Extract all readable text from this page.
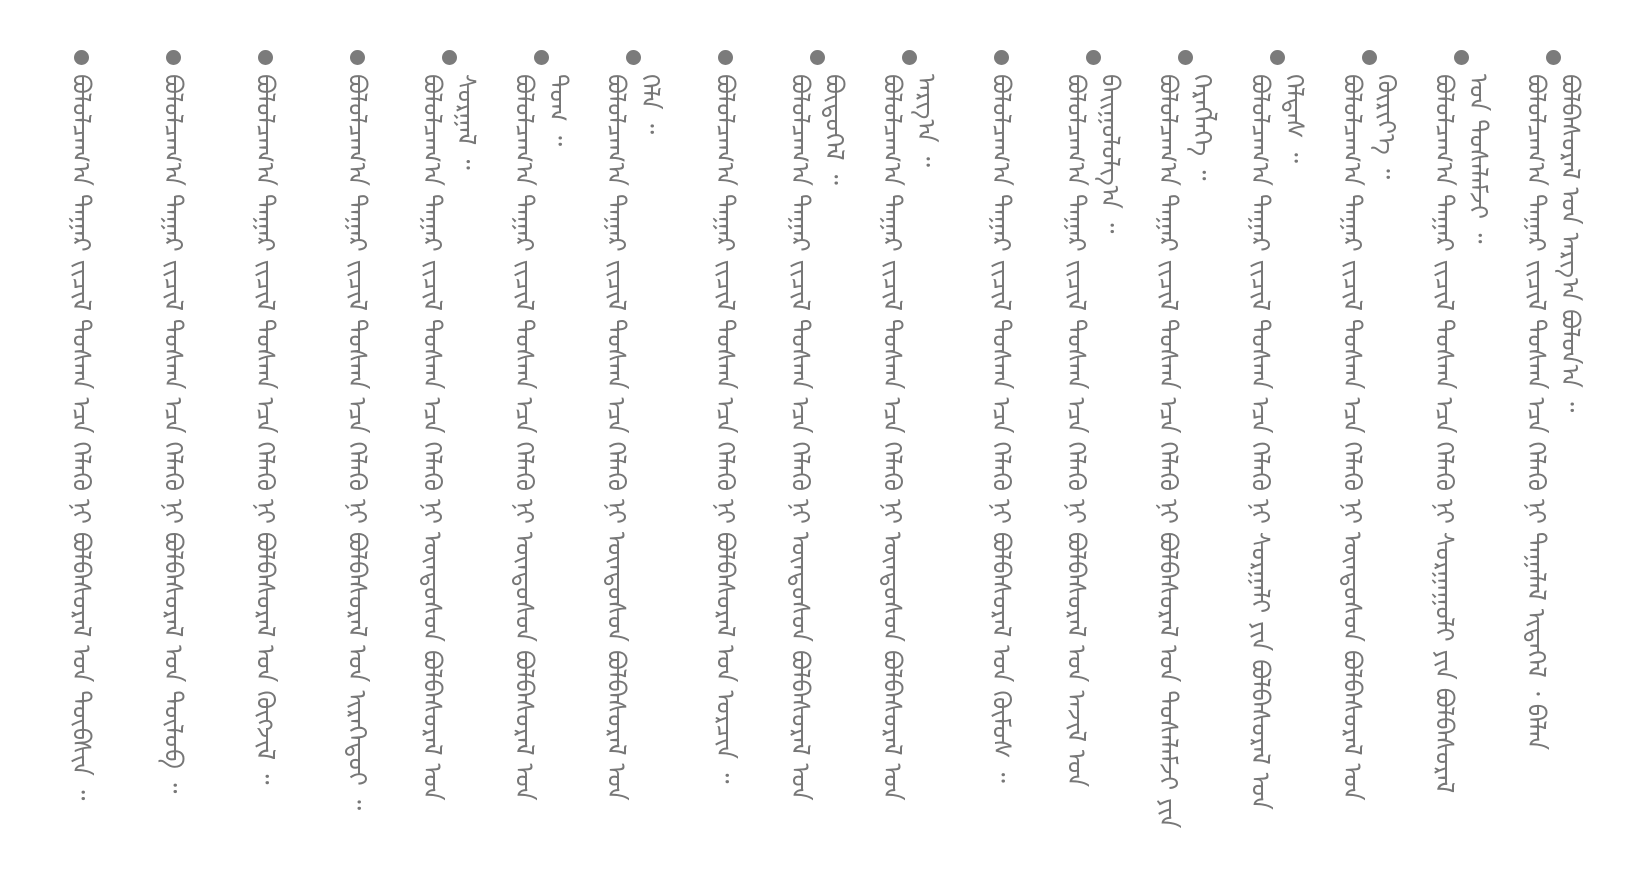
ᠪᠣᠯᠣᠯᠴᠠᠭ᠎ᠠ ᠳᠠᠭᠠᠷ ᠵᠢᠴᠢᠯ ᠲᠣᠰᠬᠠ ᠡᠴᠡ ᠬᠡᠯᠡᠬᠦ ᠨᠢ ᠲᠠᠭᠠᠯᠠᠯ ᠢᠲᠡᠭᠡᠯ ᠂ ᠪᠡᠯᠡᠨ ᠪᠣᠯᠪᠠᠰᠤᠷᠠᠯ ᠤᠨ ᠠᠷᠭ᠎ᠠ ᠪᠣᠯᠣᠨ᠎ᠠ ᠃
ᠪᠣᠯᠣᠯᠴᠠᠭ᠎ᠠ ᠳᠠᠭᠠᠷ ᠵᠢᠴᠢᠯ ᠲᠣᠰᠬᠠ ᠡᠴᠡ ᠬᠡᠯᠡᠬᠦ ᠨᠢ ᠰᠤᠷᠭᠠᠭᠤᠯᠢ ᠶᠢᠨ ᠪᠣᠯᠪᠠᠰᠤᠷᠠᠯ ᠤᠨ ᠲᠤᠰᠠᠯᠠᠮᠵᠢ ᠃
ᠪᠣᠯᠣᠯᠴᠠᠭ᠎ᠠ ᠳᠠᠭᠠᠷ ᠵᠢᠴᠢᠯ ᠲᠣᠰᠬᠠ ᠡᠴᠡ ᠬᠡᠯᠡᠬᠦ ᠨᠢ ᠦᠨᠳᠦᠰᠦᠨ ᠪᠣᠯᠪᠠᠰᠤᠷᠠᠯ ᠤᠨ ᠬᠦᠷᠢᠶ᠎ᠡ ᠃
ᠪᠣᠯᠣᠯᠴᠠᠭ᠎ᠠ ᠳᠠᠭᠠᠷ ᠵᠢᠴᠢᠯ ᠲᠣᠰᠬᠠ ᠡᠴᠡ ᠬᠡᠯᠡᠬᠦ ᠨᠢ ᠰᠤᠷᠭᠠᠯᠢ ᠶᠢᠨ ᠪᠣᠯᠪᠠᠰᠤᠷᠠᠯ ᠤᠨ ᠬᠡᠯᠲᠡᠰ ᠃
ᠪᠣᠯᠣᠯᠴᠠᠭ᠎ᠠ ᠳᠠᠭᠠᠷ ᠵᠢᠴᠢᠯ ᠲᠣᠰᠬᠠ ᠡᠴᠡ ᠬᠡᠯᠡᠬᠦ ᠨᠢ ᠪᠣᠯᠪᠠᠰᠤᠷᠠᠯ ᠤᠨ ᠲᠤᠰᠠᠯᠠᠮᠵᠢ ᠶᠢᠨ ᠬᠡᠷᠡᠭᠯᠡᠭᠡ ᠃
ᠪᠣᠯᠣᠯᠴᠠᠭ᠎ᠠ ᠳᠠᠭᠠᠷ ᠵᠢᠴᠢᠯ ᠲᠣᠰᠬᠠ ᠡᠴᠡ ᠬᠡᠯᠡᠬᠦ ᠨᠢ ᠪᠣᠯᠪᠠᠰᠤᠷᠠᠯ ᠤᠨ ᠠᠵᠢᠯ ᠤᠨ ᠪᠠᠢᠭᠤᠯᠤᠯᠭ᠎ᠠ ᠃
ᠪᠣᠯᠣᠯᠴᠠᠭ᠎ᠠ ᠳᠠᠭᠠᠷ ᠵᠢᠴᠢᠯ ᠲᠣᠰᠬᠠ ᠡᠴᠡ ᠬᠡᠯᠡᠬᠦ ᠨᠢ ᠪᠣᠯᠪᠠᠰᠤᠷᠠᠯ ᠤᠨ ᠬᠦᠮᠦᠰ ᠃
ᠪᠣᠯᠣᠯᠴᠠᠭ᠎ᠠ ᠳᠠᠭᠠᠷ ᠵᠢᠴᠢᠯ ᠲᠣᠰᠬᠠ ᠡᠴᠡ ᠬᠡᠯᠡᠬᠦ ᠨᠢ ᠦᠨᠳᠦᠰᠦᠨ ᠪᠣᠯᠪᠠᠰᠤᠷᠠᠯ ᠤᠨ ᠠᠷᠭ᠎ᠠ ᠃
ᠪᠣᠯᠣᠯᠴᠠᠭ᠎ᠠ ᠳᠠᠭᠠᠷ ᠵᠢᠴᠢᠯ ᠲᠣᠰᠬᠠ ᠡᠴᠡ ᠬᠡᠯᠡᠬᠦ ᠨᠢ ᠦᠨᠳᠦᠰᠦᠨ ᠪᠣᠯᠪᠠᠰᠤᠷᠠᠯ ᠤᠨ ᠪᠦᠲᠦᠭᠡᠯ ᠃
ᠪᠣᠯᠣᠯᠴᠠᠭ᠎ᠠ ᠳᠠᠭᠠᠷ ᠵᠢᠴᠢᠯ ᠲᠣᠰᠬᠠ ᠡᠴᠡ ᠬᠡᠯᠡᠬᠦ ᠨᠢ ᠪᠣᠯᠪᠠᠰᠤᠷᠠᠯ ᠤᠨ ᠣᠷᠴᠢᠨ ᠃
ᠪᠣᠯᠣᠯᠴᠠᠭ᠎ᠠ ᠳᠠᠭᠠᠷ ᠵᠢᠴᠢᠯ ᠲᠣᠰᠬᠠ ᠡᠴᠡ ᠬᠡᠯᠡᠬᠦ ᠨᠢ ᠦᠨᠳᠦᠰᠦᠨ ᠪᠣᠯᠪᠠᠰᠤᠷᠠᠯ ᠤᠨ ᠬᠡᠯᠡ ᠃
ᠪᠣᠯᠣᠯᠴᠠᠭ᠎ᠠ ᠳᠠᠭᠠᠷ ᠵᠢᠴᠢᠯ ᠲᠣᠰᠬᠠ ᠡᠴᠡ ᠬᠡᠯᠡᠬᠦ ᠨᠢ ᠦᠨᠳᠦᠰᠦᠨ ᠪᠣᠯᠪᠠᠰᠤᠷᠠᠯ ᠤᠨ ᠲᠤᠭ ᠃
ᠪᠣᠯᠣᠯᠴᠠᠭ᠎ᠠ ᠳᠠᠭᠠᠷ ᠵᠢᠴᠢᠯ ᠲᠣᠰᠬᠠ ᠡᠴᠡ ᠬᠡᠯᠡᠬᠦ ᠨᠢ ᠦᠨᠳᠦᠰᠦᠨ ᠪᠣᠯᠪᠠᠰᠤᠷᠠᠯ ᠤᠨ ᠰᠤᠷᠭᠠᠯ ᠃
ᠪᠣᠯᠣᠯᠴᠠᠭ᠎ᠠ ᠳᠠᠭᠠᠷ ᠵᠢᠴᠢᠯ ᠲᠣᠰᠬᠠ ᠡᠴᠡ ᠬᠡᠯᠡᠬᠦ ᠨᠢ ᠪᠣᠯᠪᠠᠰᠤᠷᠠᠯ ᠤᠨ ᠢᠷᠡᠭᠡᠳᠦᠢ ᠃
ᠪᠣᠯᠣᠯᠴᠠᠭ᠎ᠠ ᠳᠠᠭᠠᠷ ᠵᠢᠴᠢᠯ ᠲᠣᠰᠬᠠ ᠡᠴᠡ ᠬᠡᠯᠡᠬᠦ ᠨᠢ ᠪᠣᠯᠪᠠᠰᠤᠷᠠᠯ ᠤᠨ ᠬᠥᠭᠵᠢᠯ ᠃
ᠪᠣᠯᠣᠯᠴᠠᠭ᠎ᠠ ᠳᠠᠭᠠᠷ ᠵᠢᠴᠢᠯ ᠲᠣᠰᠬᠠ ᠡᠴᠡ ᠬᠡᠯᠡᠬᠦ ᠨᠢ ᠪᠣᠯᠪᠠᠰᠤᠷᠠᠯ ᠤᠨ ᠲᠥᠯᠦᠪ ᠃
ᠪᠣᠯᠣᠯᠴᠠᠭ᠎ᠠ ᠳᠠᠭᠠᠷ ᠵᠢᠴᠢᠯ ᠲᠣᠰᠬᠠ ᠡᠴᠡ ᠬᠡᠯᠡᠬᠦ ᠨᠢ ᠪᠣᠯᠪᠠᠰᠤᠷᠠᠯ ᠤᠨ ᠲᠦᠪᠰᠢᠨ ᠃
